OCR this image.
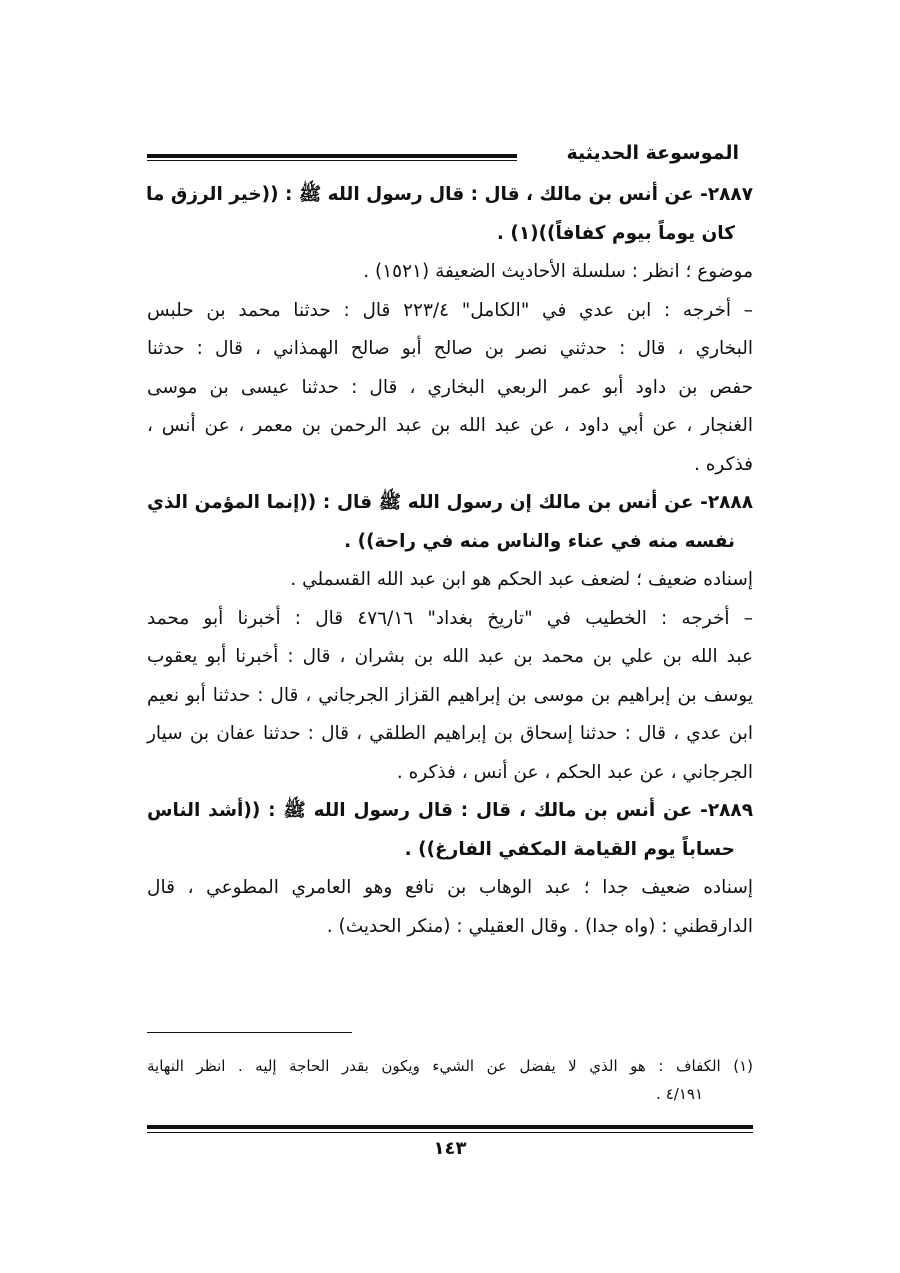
الموسوعة الحديثية
٢٨٨٧- عن أنس بن مالك ، قال : قال رسول الله ﷺ : ((خير الرزق ما
كان يوماً بيوم كفافاً))(١) .
موضوع ؛ انظر : سلسلة الأحاديث الضعيفة (١٥٢١) .
– أخرجه : ابن عدي في "الكامل" ٢٢٣/٤ قال : حدثنا محمد بن حلبس
البخاري ، قال : حدثني نصر بن صالح أبو صالح الهمذاني ، قال : حدثنا
حفص بن داود أبو عمر الربعي البخاري ، قال : حدثنا عيسى بن موسى
الغنجار ، عن أبي داود ، عن عبد الله بن عبد الرحمن بن معمر ، عن أنس ،
فذكره .
٢٨٨٨- عن أنس بن مالك إن رسول الله ﷺ قال : ((إنما المؤمن الذي
نفسه منه في عناء والناس منه في راحة)) .
إسناده ضعيف ؛ لضعف عبد الحكم هو ابن عبد الله القسملي .
– أخرجه : الخطيب في "تاريخ بغداد" ٤٧٦/١٦ قال : أخبرنا أبو محمد
عبد الله بن علي بن محمد بن عبد الله بن بشران ، قال : أخبرنا أبو يعقوب
يوسف بن إبراهيم بن موسى بن إبراهيم القزاز الجرجاني ، قال : حدثنا أبو نعيم
ابن عدي ، قال : حدثنا إسحاق بن إبراهيم الطلقي ، قال : حدثنا عفان بن سيار
الجرجاني ، عن عبد الحكم ، عن أنس ، فذكره .
٢٨٨٩- عن أنس بن مالك ، قال : قال رسول الله ﷺ : ((أشد الناس
حساباً يوم القيامة المكفي الفارغ)) .
إسناده ضعيف جدا ؛ عبد الوهاب بن نافع وهو العامري المطوعي ، قال
الدارقطني : (واه جدا) . وقال العقيلي : (منكر الحديث) .
(١) الكفاف : هو الذي لا يفضل عن الشيء ويكون بقدر الحاجة إليه . انظر النهاية
٤/١٩١ .
١٤٣
